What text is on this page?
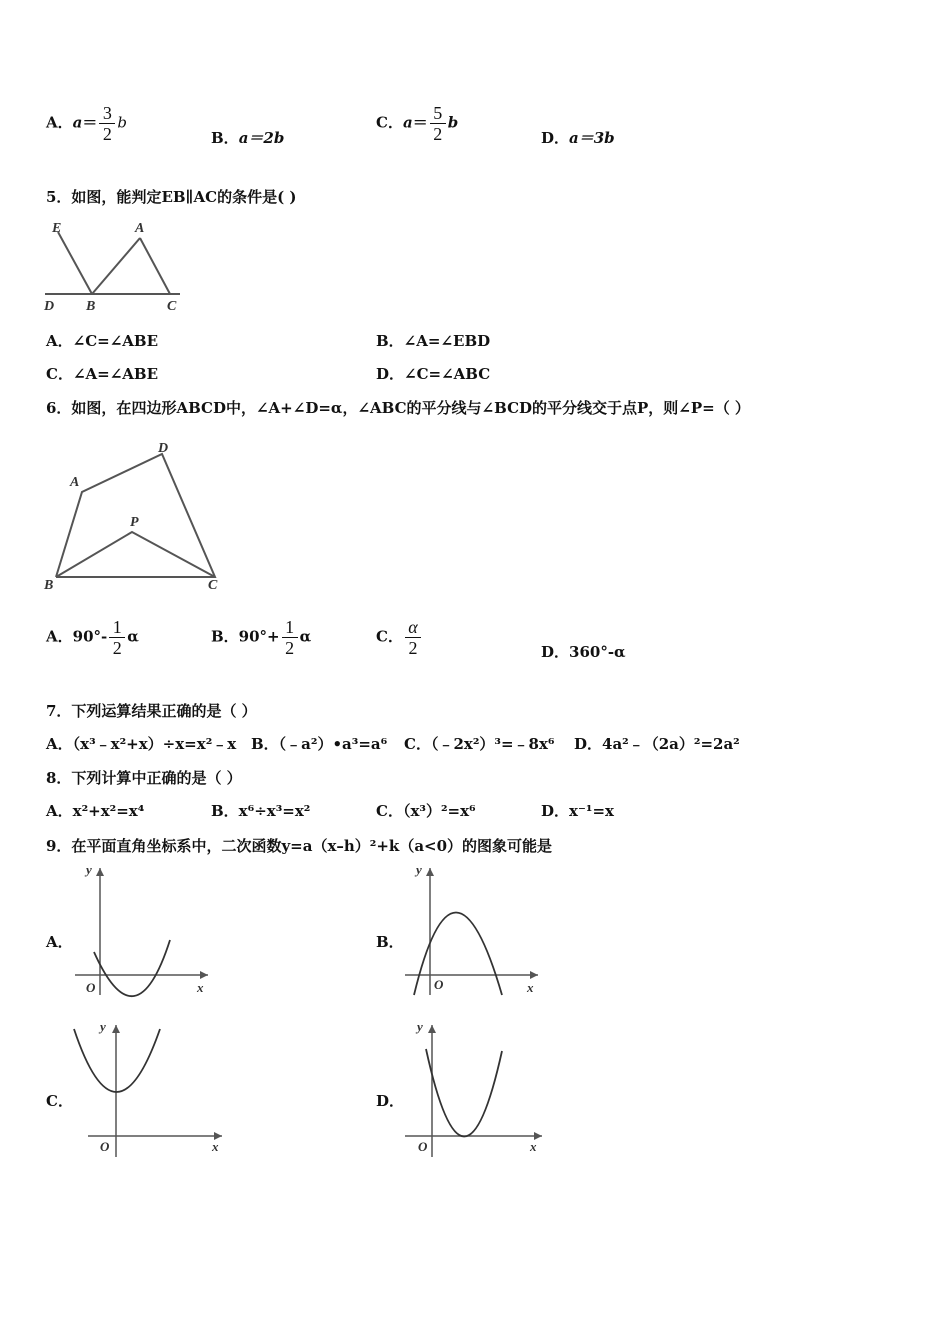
A．$a= \frac{3}{2}$ b
B．a＝2b
C．$a= \frac{5}{2}$ b
D．a＝3b
5．如图，能判定EB∥AC的条件是( )
E	A
D B	C
A．∠C=∠ABE	B．∠A=∠EBD
C．∠A=∠ABE	D．∠C=∠ABC
6．如图，在四边形ABCD中，∠A+∠D=α，∠ABC的平分线与∠BCD的平分线交于点P，则∠P=（ ）
A
D
P
B	C
A．$90^\circ- \frac{1}{2}$ α	B．$90^\circ+ \frac{1}{2}$ α	C． $\frac{\alpha}{2}$	D．360°-α
7．下列运算结果正确的是（ ）
A．（x³﹣x²+x）÷x=x²﹣x B．（﹣a²）•a³=a⁶ C．（﹣2x²）³=﹣8x⁶ D．4a²﹣（2a）²=2a²
8．下列计算中正确的是（ ）
A．x²+x²=x⁴	B．x⁶÷x³=x²	C．（x³）²=x⁶	D．x⁻¹=x
9．在平面直角坐标系中，二次函数y=a（x–h）²+k（a<0）的图象可能是
A．
y
x
O
B．
y
x
O
C．
y
x
O
D．
y
x
O
